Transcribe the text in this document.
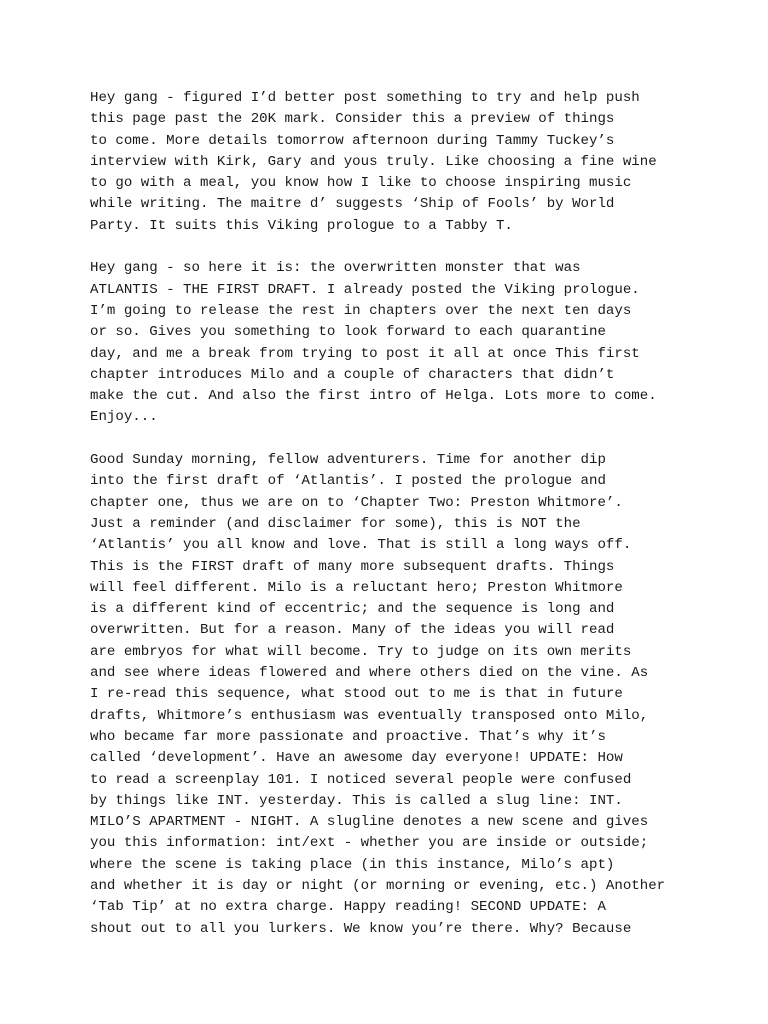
Hey gang - figured I’d better post something to try and help push
this page past the 20K mark. Consider this a preview of things
to come. More details tomorrow afternoon during Tammy Tuckey’s
interview with Kirk, Gary and yous truly. Like choosing a fine wine
to go with a meal, you know how I like to choose inspiring music
while writing. The maitre d’ suggests ‘Ship of Fools’ by World
Party. It suits this Viking prologue to a Tabby T.
Hey gang - so here it is: the overwritten monster that was
ATLANTIS - THE FIRST DRAFT. I already posted the Viking prologue.
I’m going to release the rest in chapters over the next ten days
or so. Gives you something to look forward to each quarantine
day, and me a break from trying to post it all at once This first
chapter introduces Milo and a couple of characters that didn’t
make the cut. And also the first intro of Helga. Lots more to come.
Enjoy...
Good Sunday morning, fellow adventurers. Time for another dip
into the first draft of ‘Atlantis’. I posted the prologue and
chapter one, thus we are on to ‘Chapter Two: Preston Whitmore’.
Just a reminder (and disclaimer for some), this is NOT the
‘Atlantis’ you all know and love. That is still a long ways off.
This is the FIRST draft of many more subsequent drafts. Things
will feel different. Milo is a reluctant hero; Preston Whitmore
is a different kind of eccentric; and the sequence is long and
overwritten. But for a reason. Many of the ideas you will read
are embryos for what will become. Try to judge on its own merits
and see where ideas flowered and where others died on the vine. As
I re-read this sequence, what stood out to me is that in future
drafts, Whitmore’s enthusiasm was eventually transposed onto Milo,
who became far more passionate and proactive. That’s why it’s
called ‘development’. Have an awesome day everyone! UPDATE: How
to read a screenplay 101. I noticed several people were confused
by things like INT. yesterday. This is called a slug line: INT.
MILO’S APARTMENT - NIGHT. A slugline denotes a new scene and gives
you this information: int/ext - whether you are inside or outside;
where the scene is taking place (in this instance, Milo’s apt)
and whether it is day or night (or morning or evening, etc.) Another
‘Tab Tip’ at no extra charge. Happy reading! SECOND UPDATE: A
shout out to all you lurkers. We know you’re there. Why? Because
